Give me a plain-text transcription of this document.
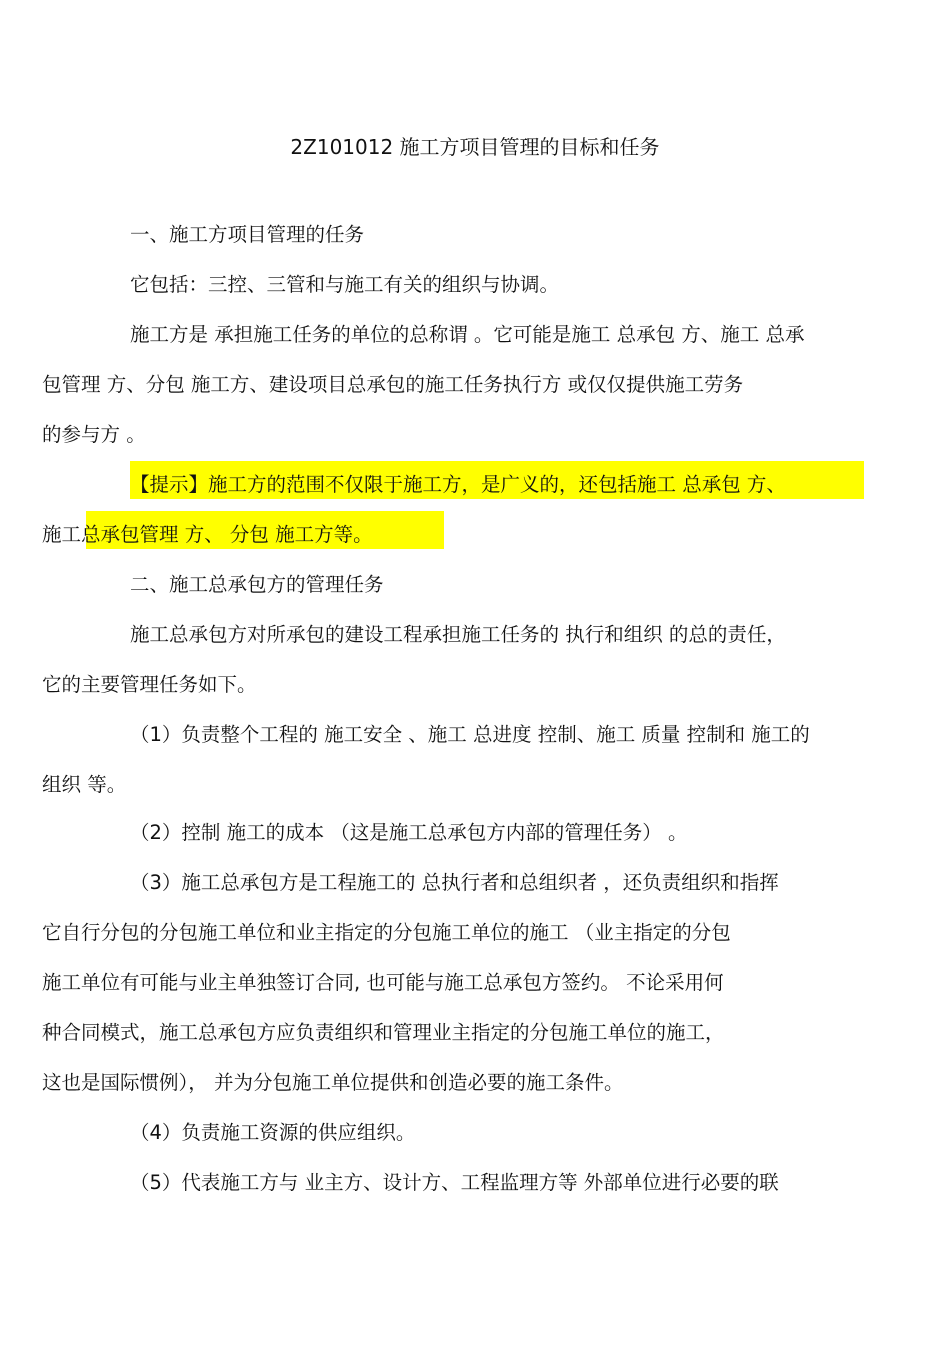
2Z101012 施工方项目管理的目标和任务
一、施工方项目管理的任务
它包括：三控、三管和与施工有关的组织与协调。
施工方是 承担施工任务的单位的总称谓 。它可能是施工 总承包 方、施工 总承
包管理 方、分包 施工方、建设项目总承包的施工任务执行方 或仅仅提供施工劳务
的参与方 。
【提示】施工方的范围不仅限于施工方，是广义的，还包括施工 总承包 方、
施工总承包管理 方、 分包 施工方等。
二、施工总承包方的管理任务
施工总承包方对所承包的建设工程承担施工任务的 执行和组织 的总的责任，
它的主要管理任务如下。
（1）负责整个工程的 施工安全 、施工 总进度 控制、施工 质量 控制和 施工的
组织 等。
（2）控制 施工的成本 （这是施工总承包方内部的管理任务） 。
（3）施工总承包方是工程施工的 总执行者和总组织者 ，还负责组织和指挥
它自行分包的分包施工单位和业主指定的分包施工单位的施工 （业主指定的分包
施工单位有可能与业主单独签订合同, 也可能与施工总承包方签约。 不论采用何
种合同模式，施工总承包方应负责组织和管理业主指定的分包施工单位的施工，
这也是国际惯例）， 并为分包施工单位提供和创造必要的施工条件。
（4）负责施工资源的供应组织。
（5）代表施工方与 业主方、设计方、工程监理方等 外部单位进行必要的联
